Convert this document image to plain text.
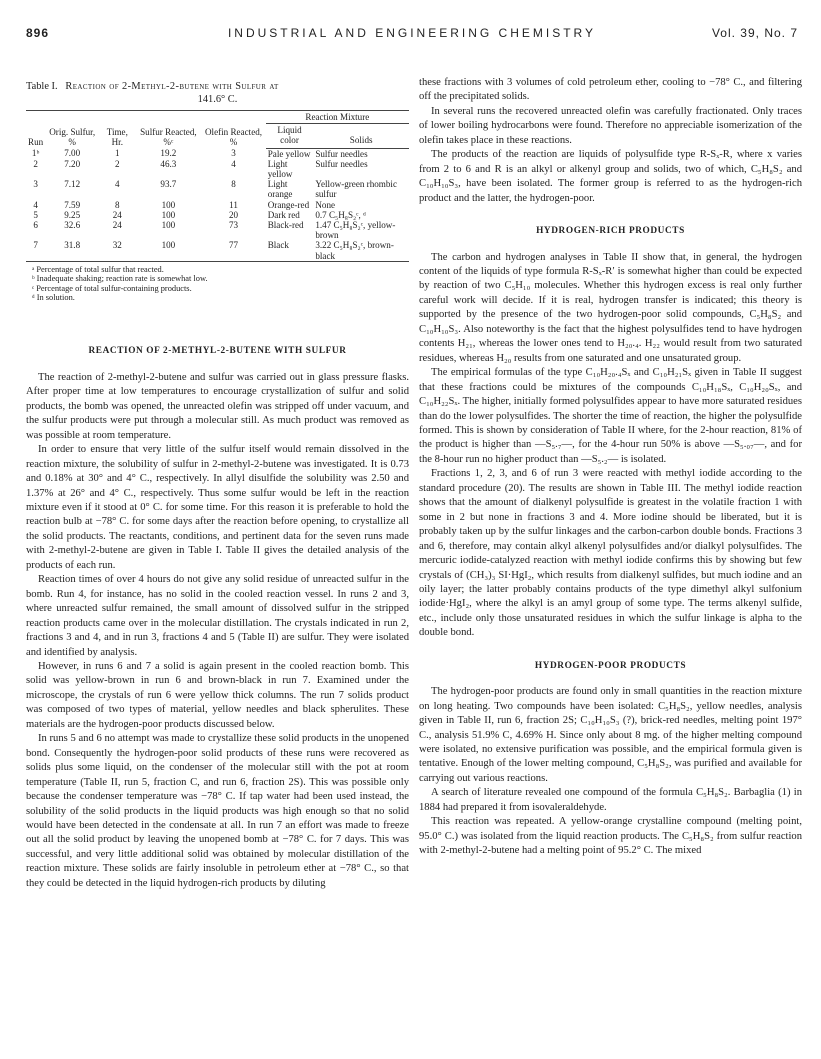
896	INDUSTRIAL AND ENGINEERING CHEMISTRY	Vol. 39, No. 7
Table I. Reaction of 2-Methyl-2-butene with Sulfur at
141.6° C.
Run	Orig. Sulfur, %	Time, Hr.	Sulfur Reacted, %ᶜ	Olefin Reacted, %	Reaction Mixture	
					Liquid color	Solids
1ᵇ	7.00	1	19.2	3	Pale yellow	Sulfur needles
2	7.20	2	46.3	4	Light yellow	Sulfur needles
3	7.12	4	93.7	8	Light orange	Yellow-green rhombic sulfur
4	7.59	8	100	11	Orange-red	None
5	9.25	24	100	20	Dark red	0.7 C₅H₈S₂ᶜ, ᵈ
6	32.6	24	100	73	Black-red	1.47 C₅H₈S₂ᶜ, yellow-brown
7	31.8	32	100	77	Black	3.22 C₅H₈S₂ᶜ, brown-black
ᵃ Percentage of total sulfur that reacted.
ᵇ Inadequate shaking; reaction rate is somewhat low.
ᶜ Percentage of total sulfur-containing products.
ᵈ In solution.
REACTION OF 2-METHYL-2-BUTENE WITH SULFUR

The reaction of 2-methyl-2-butene and sulfur was carried out in glass pressure flasks. After proper time at low temperatures to encourage crystallization of sulfur and solid products, the bomb was opened, the unreacted olefin was stripped off under vacuum, and the sulfur products were put through a molecular still. As much product was removed as was possible at room temperature.

In order to ensure that very little of the sulfur itself would remain dissolved in the reaction mixture, the solubility of sulfur in 2-methyl-2-butene was investigated. It is 0.73 and 0.18% at 30° and 4° C., respectively. In allyl disulfide the solubility was 2.50 and 1.37% at 26° and 4° C., respectively. Thus some sulfur would be left in the reaction mixture even if it stood at 0° C. for some time. For this reason it is preferable to hold the reaction bulb at −78° C. for some days after the reaction before opening, to crystallize all the solid products. The reactants, conditions, and pertinent data for the seven runs made with 2-methyl-2-butene are given in Table I. Table II gives the detailed analysis of the products of each run.

Reaction times of over 4 hours do not give any solid residue of unreacted sulfur in the bomb. Run 4, for instance, has no solid in the cooled reaction vessel. In runs 2 and 3, where unreacted sulfur remained, the small amount of dissolved sulfur in the stripped reaction products came over in the molecular distillation. The crystals indicated in run 2, fractions 3 and 4, and in run 3, fractions 4 and 5 (Table II) are sulfur. They were isolated and identified by analysis.

However, in runs 6 and 7 a solid is again present in the cooled reaction bomb. This solid was yellow-brown in run 6 and brown-black in run 7. Examined under the microscope, the crystals of run 6 were yellow thick columns. The run 7 solids product was composed of two types of material, yellow needles and black spherulites. These materials are the hydrogen-poor products discussed below.

In runs 5 and 6 no attempt was made to crystallize these solid products in the unopened bond. Consequently the hydrogen-poor solid products of these runs were recovered as solids plus some liquid, on the condenser of the molecular still with the pot at room temperature (Table II, run 5, fraction C, and run 6, fraction 2S). This was possible only because the condenser temperature was −78° C. If tap water had been used instead, the solubility of the solid products in the liquid products was high enough so that no solid would have been detected in the condensate at all. In run 7 an effort was made to freeze out all the solid product by leaving the unopened bomb at −78° C. for 7 days. This was successful, and very little additional solid was obtained by molecular distillation of the reaction mixture. These solids are fairly insoluble in petroleum ether at −78° C., so that they could be detected in the liquid hydrogen-rich products by diluting

these fractions with 3 volumes of cold petroleum ether, cooling to −78° C., and filtering off the precipitated solids.

In several runs the recovered unreacted olefin was carefully fractionated. Only traces of lower boiling hydrocarbons were found. Therefore no appreciable isomerization of the olefin takes place in these reactions.

The products of the reaction are liquids of polysulfide type R-Sₓ-R, where x varies from 2 to 6 and R is an alkyl or alkenyl group and solids, two of which, C₅H₈S₂ and C₁₀H₁₀S₃, have been isolated. The former group is referred to as the hydrogen-rich product and the latter, the hydrogen-poor.

HYDROGEN-RICH PRODUCTS

The carbon and hydrogen analyses in Table II show that, in general, the hydrogen content of the liquids of type formula R-Sₓ-R′ is somewhat higher than could be expected by reaction of two C₅H₁₀ molecules. Whether this hydrogen excess is real only further careful work will decide. If it is real, hydrogen transfer is indicated; this theory is supported by the presence of the two hydrogen-poor solid compounds, C₅H₈S₂ and C₁₀H₁₀S₃. Also noteworthy is the fact that the highest polysulfides tend to have hydrogen contents H₂₁, whereas the lower ones tend to H₂₀.₄. H₂₂ would result from two saturated residues, whereas H₂₀ results from one saturated and one unsaturated group.

The empirical formulas of the type C₁₀H₂₀.₄Sₓ and C₁₀H₂₁Sₓ given in Table II suggest that these fractions could be mixtures of the compounds C₁₀H₁₈Sₓ, C₁₀H₂₀Sₓ, and C₁₀H₂₂Sₓ. The higher, initially formed polysulfides appear to have more saturated residues than do the lower polysulfides. The shorter the time of reaction, the higher the polysulfide formed. This is shown by consideration of Table II where, for the 2-hour reaction, 81% of the product is higher than —S₅.₇—, for the 4-hour run 50% is above —S₅.₀₇—, and for the 8-hour run no higher product than —S₅.₂— is isolated.

Fractions 1, 2, 3, and 6 of run 3 were reacted with methyl iodide according to the standard procedure (20). The results are shown in Table III. The methyl iodide reaction shows that the amount of dialkenyl polysulfide is greatest in the volatile fraction 1 with some in 2 but none in fractions 3 and 4. More iodine should be liberated, but it is probably taken up by the sulfur linkages and the carbon-carbon double bonds. Fractions 3 and 6, therefore, may contain alkyl alkenyl polysulfides and/or dialkyl polysulfides. The mercuric iodide-catalyzed reaction with methyl iodide confirms this by showing but few crystals of (CH₃)₃ SI·HgI₂, which results from dialkenyl sulfides, but much iodine and an oily layer; the latter probably contains products of the type dimethyl alkyl sulfonium iodide·HgI₂, where the alkyl is an amyl group of some type. The terms alkenyl sulfide, etc., include only those unsaturated residues in which the sulfur linkage is alpha to the double bond.

HYDROGEN-POOR PRODUCTS

The hydrogen-poor products are found only in small quantities in the reaction mixture on long heating. Two compounds have been isolated: C₅H₈S₂, yellow needles, analysis given in Table II, run 6, fraction 2S; C₁₀H₁₀S₃ (?), brick-red needles, melting point 197° C., analysis 51.9% C, 4.69% H. Since only about 8 mg. of the higher melting compound were isolated, no extensive purification was possible, and the empirical formula given is tentative. Enough of the lower melting compound, C₅H₈S₂, was purified and available for carrying out various reactions.

A search of literature revealed one compound of the formula C₅H₈S₂. Barbaglia (1) in 1884 had prepared it from isovaleraldehyde.

This reaction was repeated. A yellow-orange crystalline compound (melting point, 95.0° C.) was isolated from the liquid reaction products. The C₅H₈S₂ from sulfur reaction with 2-methyl-2-butene had a melting point of 95.2° C. The mixed
